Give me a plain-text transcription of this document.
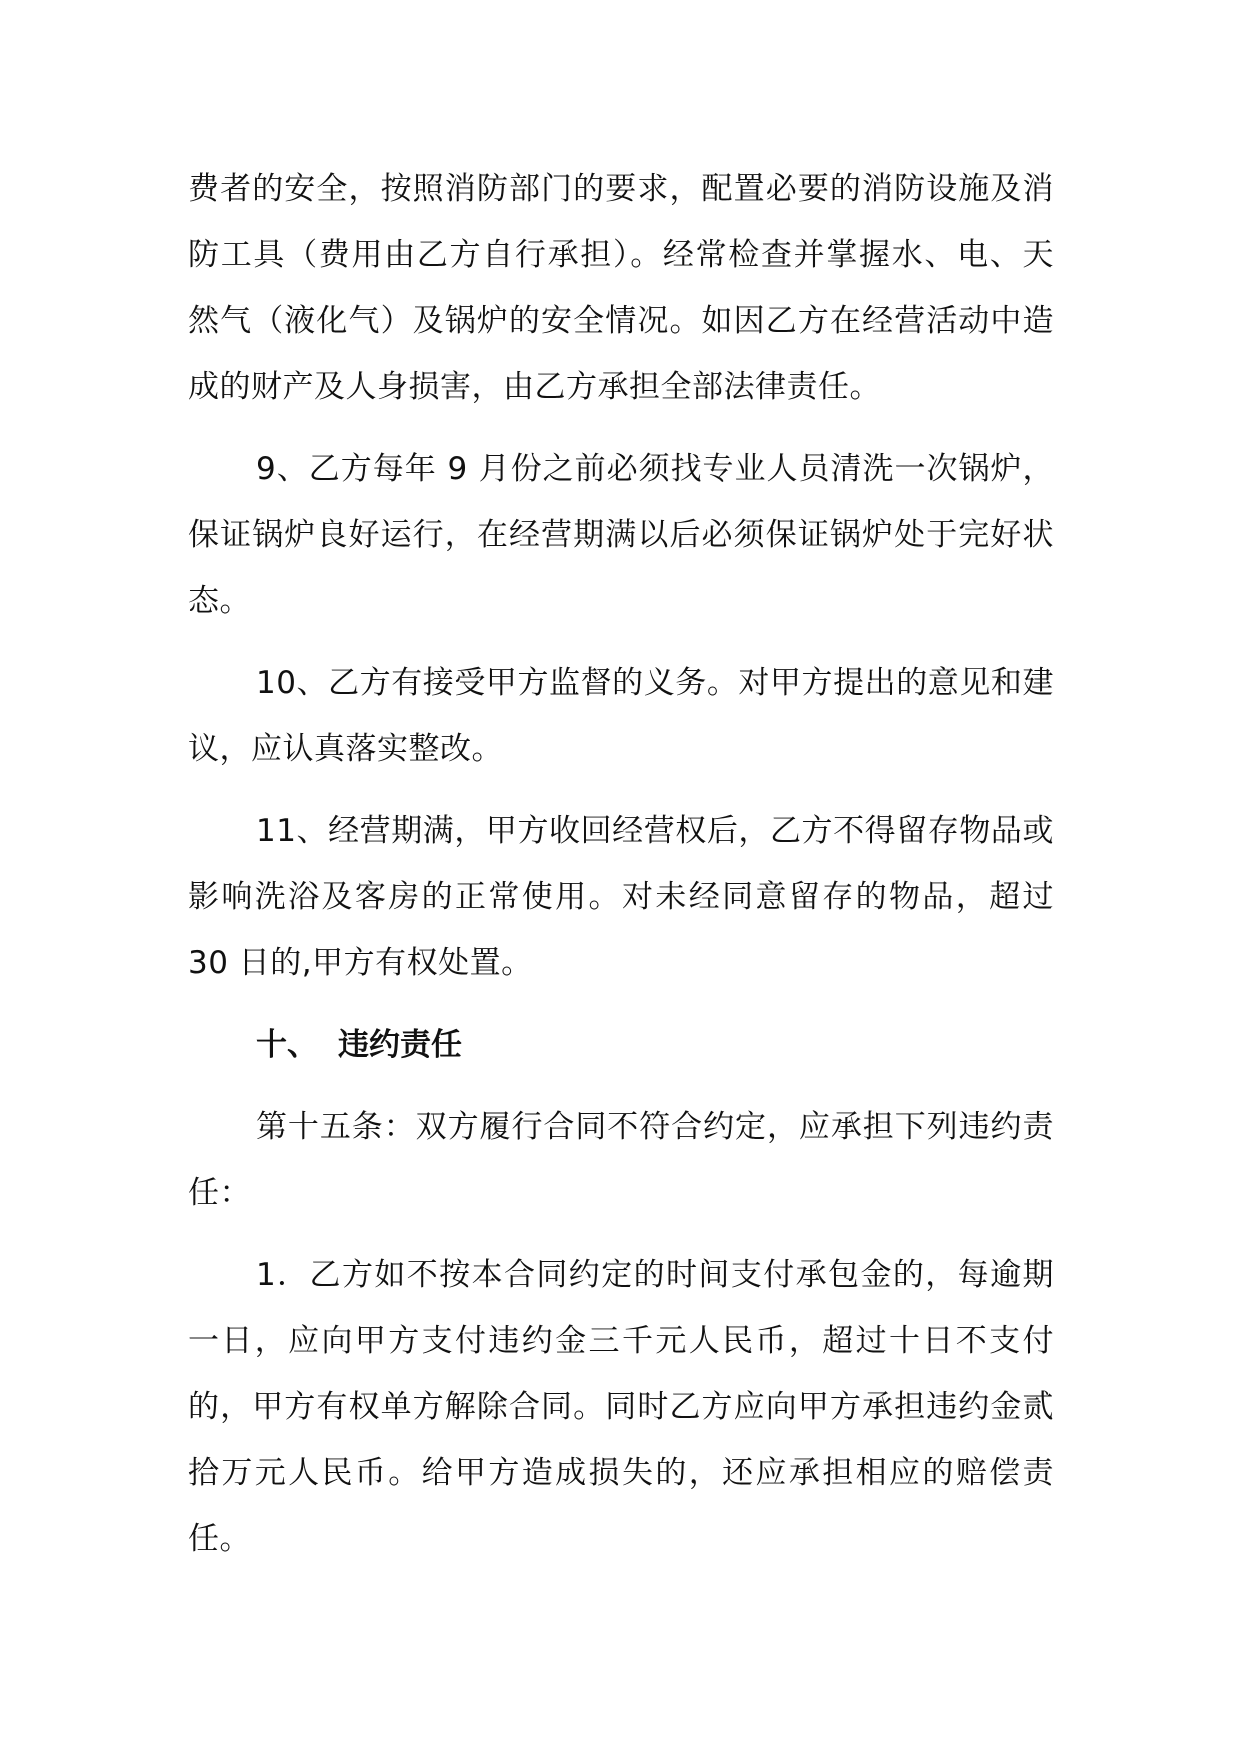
费者的安全，按照消防部门的要求，配置必要的消防设施及消防工具（费用由乙方自行承担）。经常检查并掌握水、电、天然气（液化气）及锅炉的安全情况。如因乙方在经营活动中造成的财产及人身损害，由乙方承担全部法律责任。

9、乙方每年 9 月份之前必须找专业人员清洗一次锅炉，保证锅炉良好运行，在经营期满以后必须保证锅炉处于完好状态。

10、乙方有接受甲方监督的义务。对甲方提出的意见和建议，应认真落实整改。

11、经营期满，甲方收回经营权后，乙方不得留存物品或影响洗浴及客房的正常使用。对未经同意留存的物品，超过 30 日的,甲方有权处置。

十、 违约责任

第十五条：双方履行合同不符合约定，应承担下列违约责任：

1．乙方如不按本合同约定的时间支付承包金的，每逾期一日，应向甲方支付违约金三千元人民币，超过十日不支付的，甲方有权单方解除合同。同时乙方应向甲方承担违约金贰拾万元人民币。给甲方造成损失的，还应承担相应的赔偿责任。
